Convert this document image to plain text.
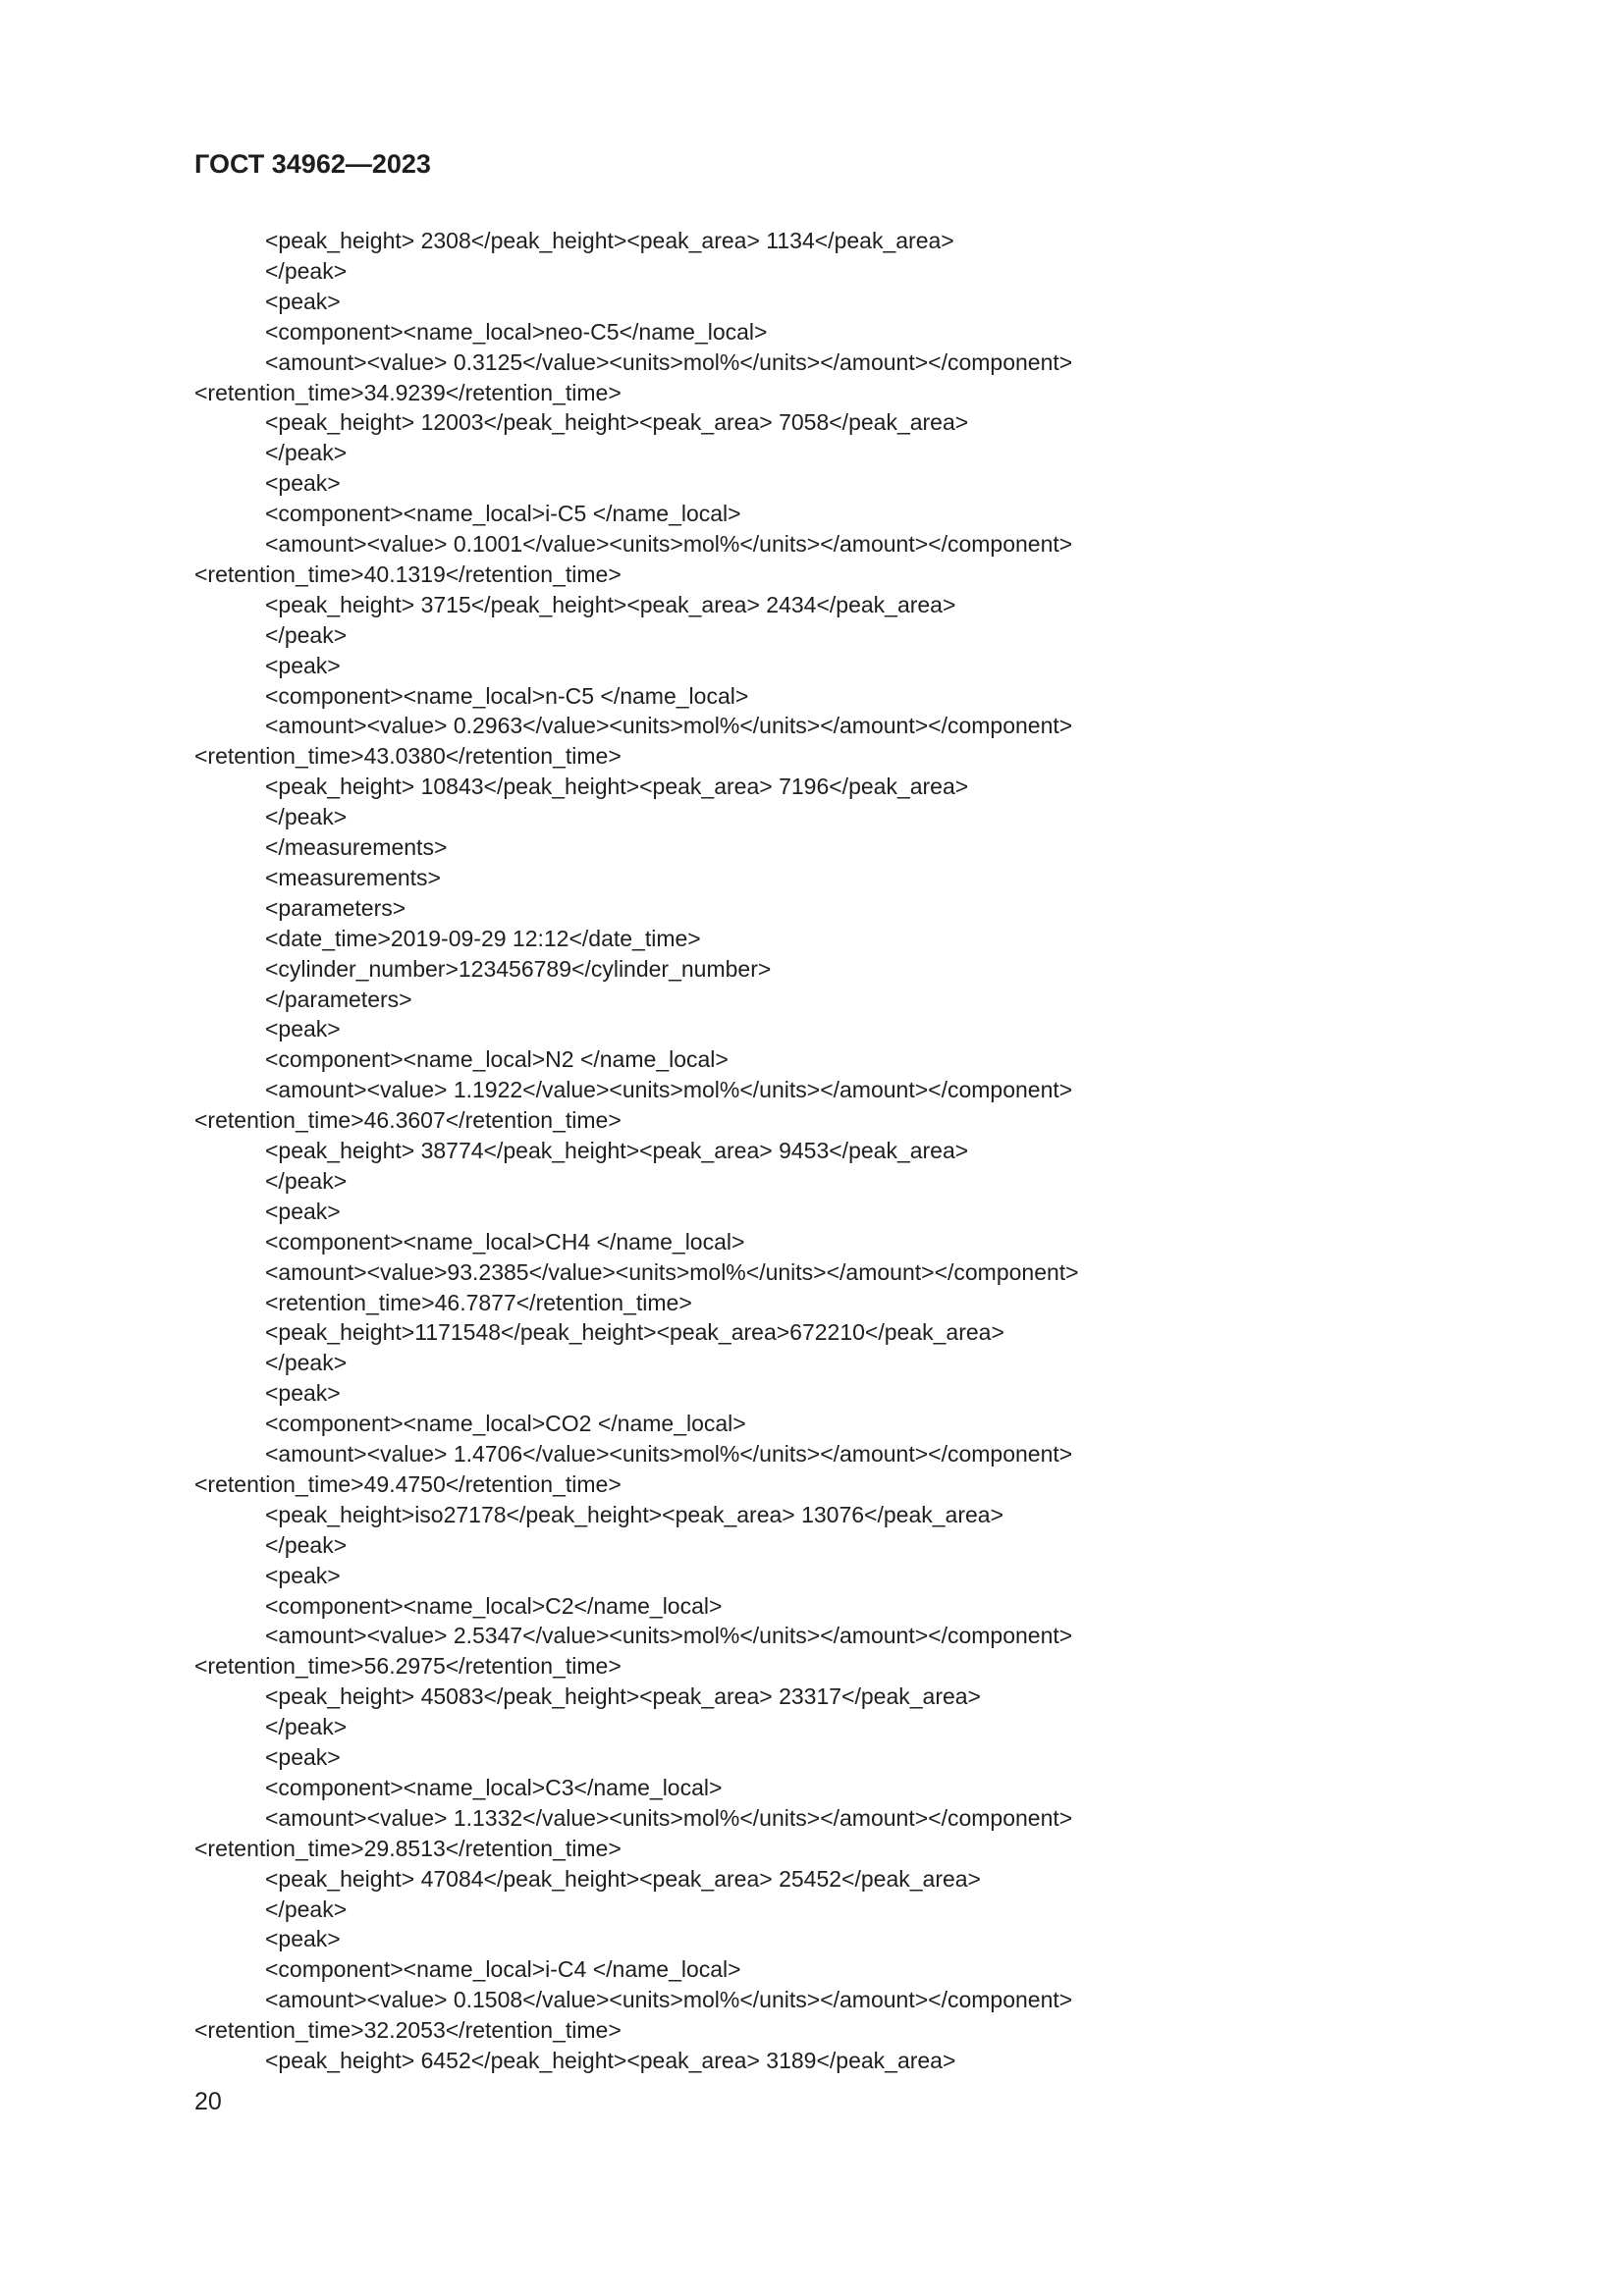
ГОСТ 34962—2023
<peak_height> 2308</peak_height><peak_area> 1134</peak_area>
</peak>
<peak>
<component><name_local>neo-C5</name_local>
<amount><value> 0.3125</value><units>mol%</units></amount></component>
<retention_time>34.9239</retention_time>
<peak_height> 12003</peak_height><peak_area> 7058</peak_area>
</peak>
<peak>
<component><name_local>i-C5 </name_local>
<amount><value> 0.1001</value><units>mol%</units></amount></component>
<retention_time>40.1319</retention_time>
<peak_height> 3715</peak_height><peak_area> 2434</peak_area>
</peak>
<peak>
<component><name_local>n-C5 </name_local>
<amount><value> 0.2963</value><units>mol%</units></amount></component>
<retention_time>43.0380</retention_time>
<peak_height> 10843</peak_height><peak_area> 7196</peak_area>
</peak>
</measurements>
<measurements>
<parameters>
<date_time>2019-09-29 12:12</date_time>
<cylinder_number>123456789</cylinder_number>
</parameters>
<peak>
<component><name_local>N2 </name_local>
<amount><value> 1.1922</value><units>mol%</units></amount></component>
<retention_time>46.3607</retention_time>
<peak_height> 38774</peak_height><peak_area> 9453</peak_area>
</peak>
<peak>
<component><name_local>CH4 </name_local>
<amount><value>93.2385</value><units>mol%</units></amount></component>
<retention_time>46.7877</retention_time>
<peak_height>1171548</peak_height><peak_area>672210</peak_area>
</peak>
<peak>
<component><name_local>CO2 </name_local>
<amount><value> 1.4706</value><units>mol%</units></amount></component>
<retention_time>49.4750</retention_time>
<peak_height>iso27178</peak_height><peak_area> 13076</peak_area>
</peak>
<peak>
<component><name_local>C2</name_local>
<amount><value> 2.5347</value><units>mol%</units></amount></component>
<retention_time>56.2975</retention_time>
<peak_height> 45083</peak_height><peak_area> 23317</peak_area>
</peak>
<peak>
<component><name_local>C3</name_local>
<amount><value> 1.1332</value><units>mol%</units></amount></component>
<retention_time>29.8513</retention_time>
<peak_height> 47084</peak_height><peak_area> 25452</peak_area>
</peak>
<peak>
<component><name_local>i-C4 </name_local>
<amount><value> 0.1508</value><units>mol%</units></amount></component>
<retention_time>32.2053</retention_time>
<peak_height> 6452</peak_height><peak_area> 3189</peak_area>
20
